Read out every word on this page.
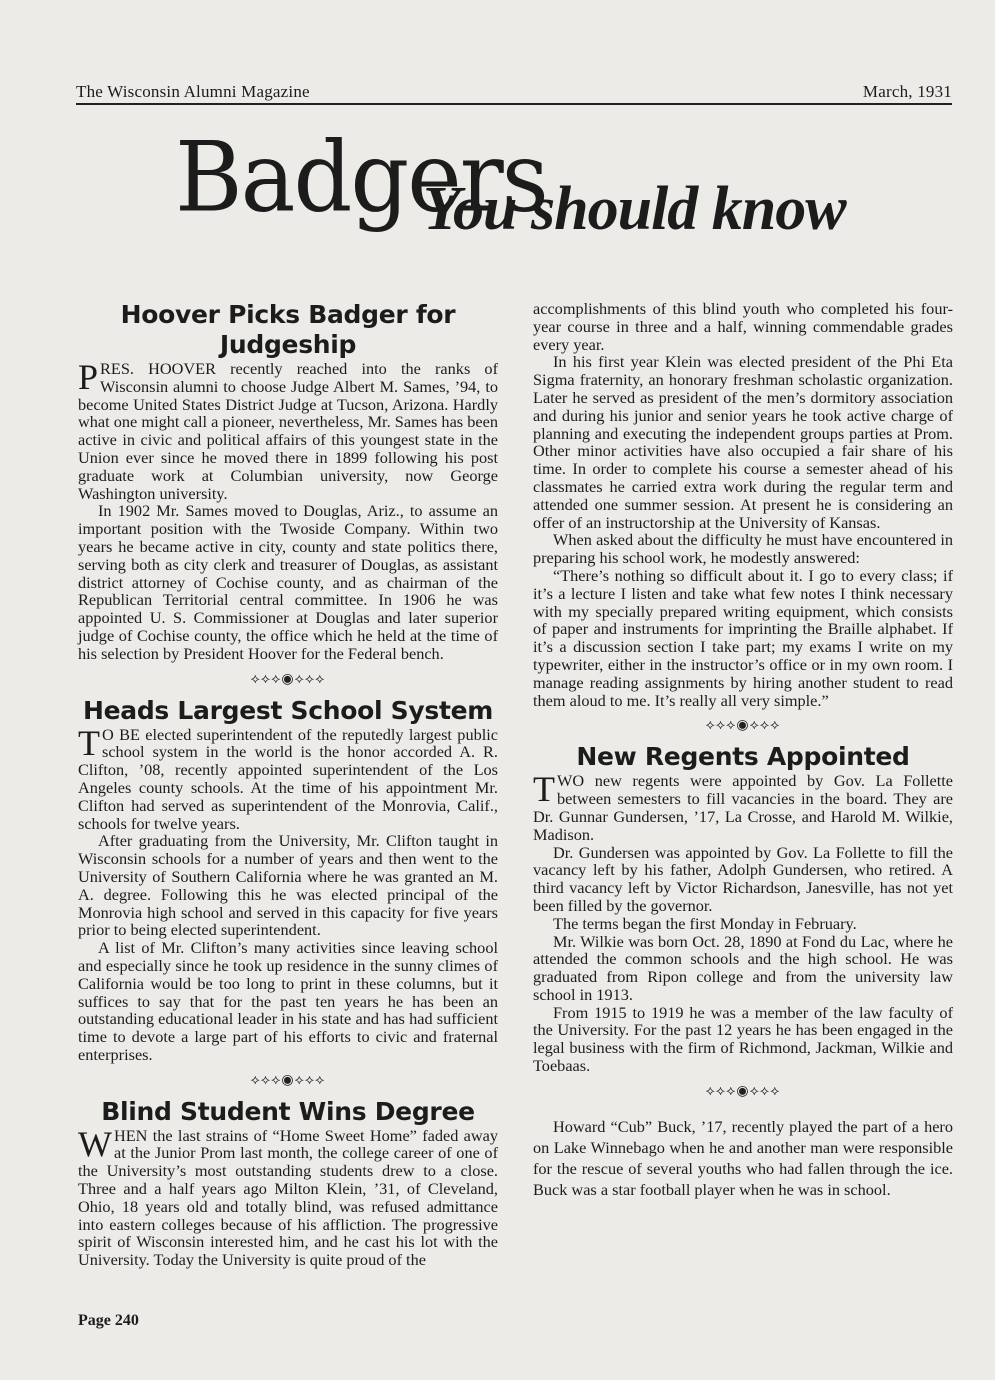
The Wisconsin Alumni Magazine	March, 1931
Badgers
You should know
Hoover Picks Badger for Judgeship

PRES. HOOVER recently reached into the ranks of Wisconsin alumni to choose Judge Albert M. Sames, ’94, to become United States District Judge at Tucson, Arizona. Hardly what one might call a pioneer, nevertheless, Mr. Sames has been active in civic and political affairs of this youngest state in the Union ever since he moved there in 1899 following his post graduate work at Columbian university, now George Washington university.

In 1902 Mr. Sames moved to Douglas, Ariz., to assume an important position with the Twoside Company. Within two years he became active in city, county and state politics there, serving both as city clerk and treasurer of Douglas, as assistant district attorney of Cochise county, and as chairman of the Republican Territorial central committee. In 1906 he was appointed U. S. Commissioner at Douglas and later superior judge of Cochise county, the office which he held at the time of his selection by President Hoover for the Federal bench.

⟡⟡⟡◉⟡⟡⟡
Heads Largest School System

T O BE elected superintendent of the reputedly largest public school system in the world is the honor accorded A. R. Clifton, ’08, recently appointed superintendent of the Los Angeles county schools. At the time of his appointment Mr. Clifton had served as superintendent of the Monrovia, Calif., schools for twelve years.

After graduating from the University, Mr. Clifton taught in Wisconsin schools for a number of years and then went to the University of Southern California where he was granted an M. A. degree. Following this he was elected principal of the Monrovia high school and served in this capacity for five years prior to being elected superintendent.

A list of Mr. Clifton’s many activities since leaving school and especially since he took up residence in the sunny climes of California would be too long to print in these columns, but it suffices to say that for the past ten years he has been an outstanding educational leader in his state and has had sufficient time to devote a large part of his efforts to civic and fraternal enterprises.

⟡⟡⟡◉⟡⟡⟡
Blind Student Wins Degree

WHEN the last strains of “Home Sweet Home” faded away at the Junior Prom last month, the college career of one of the University’s most outstanding students drew to a close. Three and a half years ago Milton Klein, ’31, of Cleveland, Ohio, 18 years old and totally blind, was refused admittance into eastern colleges because of his affliction. The progressive spirit of Wisconsin interested him, and he cast his lot with the University. Today the University is quite proud of the

accomplishments of this blind youth who completed his four-year course in three and a half, winning commendable grades every year.

In his first year Klein was elected president of the Phi Eta Sigma fraternity, an honorary freshman scholastic organization. Later he served as president of the men’s dormitory association and during his junior and senior years he took active charge of planning and executing the independent groups parties at Prom. Other minor activities have also occupied a fair share of his time. In order to complete his course a semester ahead of his classmates he carried extra work during the regular term and attended one summer session. At present he is considering an offer of an instructorship at the University of Kansas.

When asked about the difficulty he must have encountered in preparing his school work, he modestly answered:

“There’s nothing so difficult about it. I go to every class; if it’s a lecture I listen and take what few notes I think necessary with my specially prepared writing equipment, which consists of paper and instruments for imprinting the Braille alphabet. If it’s a discussion section I take part; my exams I write on my typewriter, either in the instructor’s office or in my own room. I manage reading assignments by hiring another student to read them aloud to me. It’s really all very simple.”

⟡⟡⟡◉⟡⟡⟡
New Regents Appointed

TWO new regents were appointed by Gov. La Follette between semesters to fill vacancies in the board. They are Dr. Gunnar Gundersen, ’17, La Crosse, and Harold M. Wilkie, Madison.

Dr. Gundersen was appointed by Gov. La Follette to fill the vacancy left by his father, Adolph Gundersen, who retired. A third vacancy left by Victor Richardson, Janesville, has not yet been filled by the governor.

The terms began the first Monday in February.

Mr. Wilkie was born Oct. 28, 1890 at Fond du Lac, where he attended the common schools and the high school. He was graduated from Ripon college and from the university law school in 1913.

From 1915 to 1919 he was a member of the law faculty of the University. For the past 12 years he has been engaged in the legal business with the firm of Richmond, Jackman, Wilkie and Toebaas.

⟡⟡⟡◉⟡⟡⟡

Howard “Cub” Buck, ’17, recently played the part of a hero on Lake Winnebago when he and another man were responsible for the rescue of several youths who had fallen through the ice. Buck was a star football player when he was in school.

Page 240
